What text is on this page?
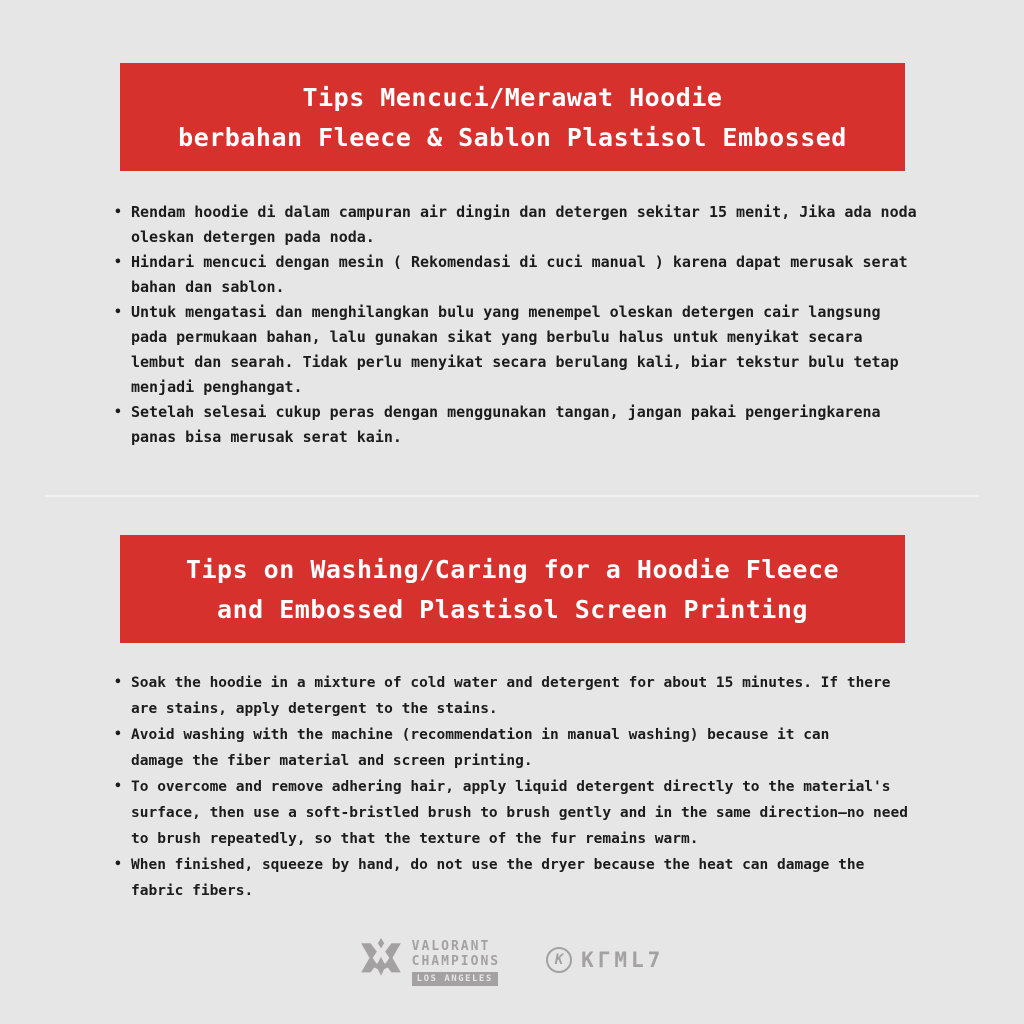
Tips Mencuci/Merawat Hoodie
berbahan Fleece & Sablon Plastisol Embossed
• Rendam hoodie di dalam campuran air dingin dan detergen sekitar 15 menit, Jika ada noda
oleskan detergen pada noda.
• Hindari mencuci dengan mesin ( Rekomendasi di cuci manual ) karena dapat merusak serat
bahan dan sablon.
• Untuk mengatasi dan menghilangkan bulu yang menempel oleskan detergen cair langsung
pada permukaan bahan, lalu gunakan sikat yang berbulu halus untuk menyikat secara
lembut dan searah. Tidak perlu menyikat secara berulang kali, biar tekstur bulu tetap
menjadi penghangat.
• Setelah selesai cukup peras dengan menggunakan tangan, jangan pakai pengeringkarena
panas bisa merusak serat kain.
Tips on Washing/Caring for a Hoodie Fleece
and Embossed Plastisol Screen Printing
• Soak the hoodie in a mixture of cold water and detergent for about 15 minutes. If there
are stains, apply detergent to the stains.
• Avoid washing with the machine (recommendation in manual washing) because it can
damage the fiber material and screen printing.
• To overcome and remove adhering hair, apply liquid detergent directly to the material's
surface, then use a soft-bristled brush to brush gently and in the same direction—no need
to brush repeatedly, so that the texture of the fur remains warm.
• When finished, squeeze by hand, do not use the dryer because the heat can damage the
fabric fibers.
VALORANT
CHAMPIONS
LOS ANGELES
K KΓML7
